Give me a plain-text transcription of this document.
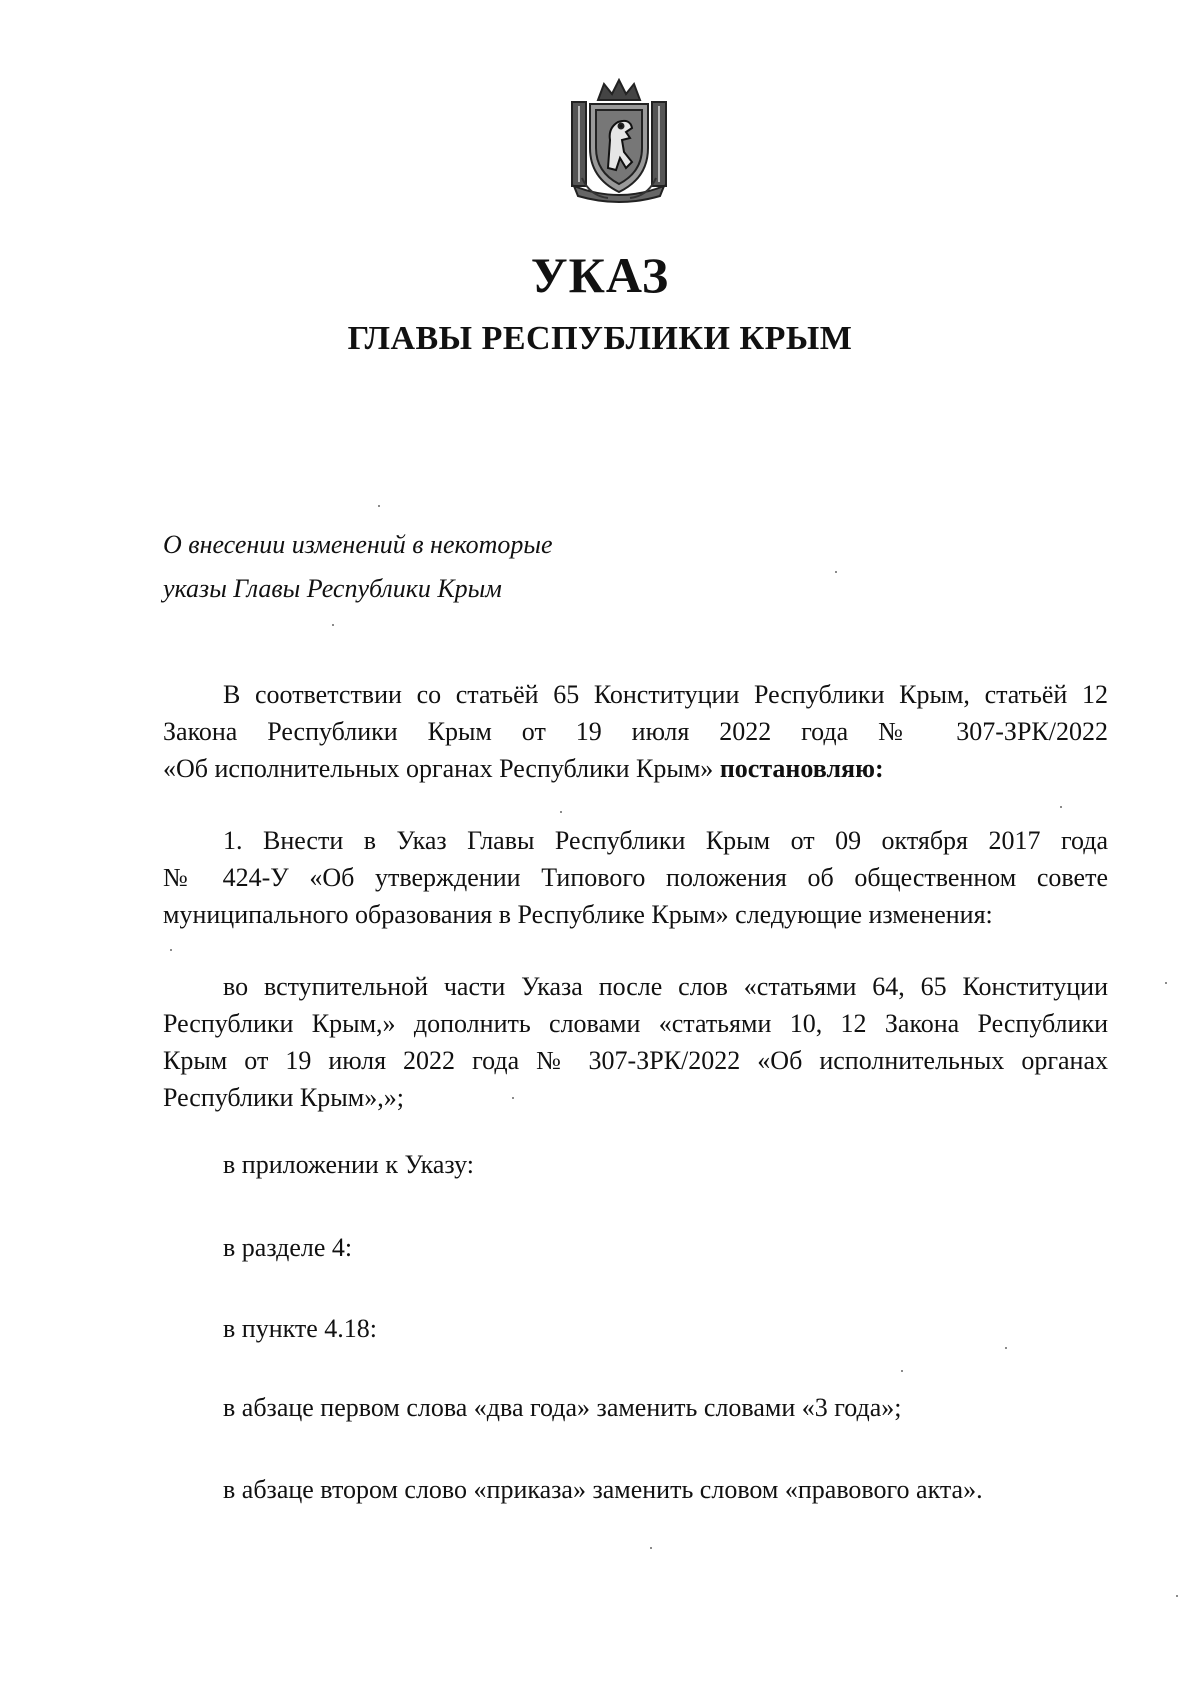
УКАЗ
ГЛАВЫ РЕСПУБЛИКИ КРЫМ
О внесении изменений в некоторые
указы Главы Республики Крым
В соответствии со статьёй 65 Конституции Республики Крым, статьёй 12
Закона Республики Крым от 19 июля 2022 года № 307-ЗРК/2022
«Об исполнительных органах Республики Крым» постановляю:
1. Внести в Указ Главы Республики Крым от 09 октября 2017 года
№ 424-У «Об утверждении Типового положения об общественном совете
муниципального образования в Республике Крым» следующие изменения:
во вступительной части Указа после слов «статьями 64, 65 Конституции
Республики Крым,» дополнить словами «статьями 10, 12 Закона Республики
Крым от 19 июля 2022 года № 307-ЗРК/2022 «Об исполнительных органах
Республики Крым»,»;
в приложении к Указу:
в разделе 4:
в пункте 4.18:
в абзаце первом слова «два года» заменить словами «3 года»;
в абзаце втором слово «приказа» заменить словом «правового акта».
